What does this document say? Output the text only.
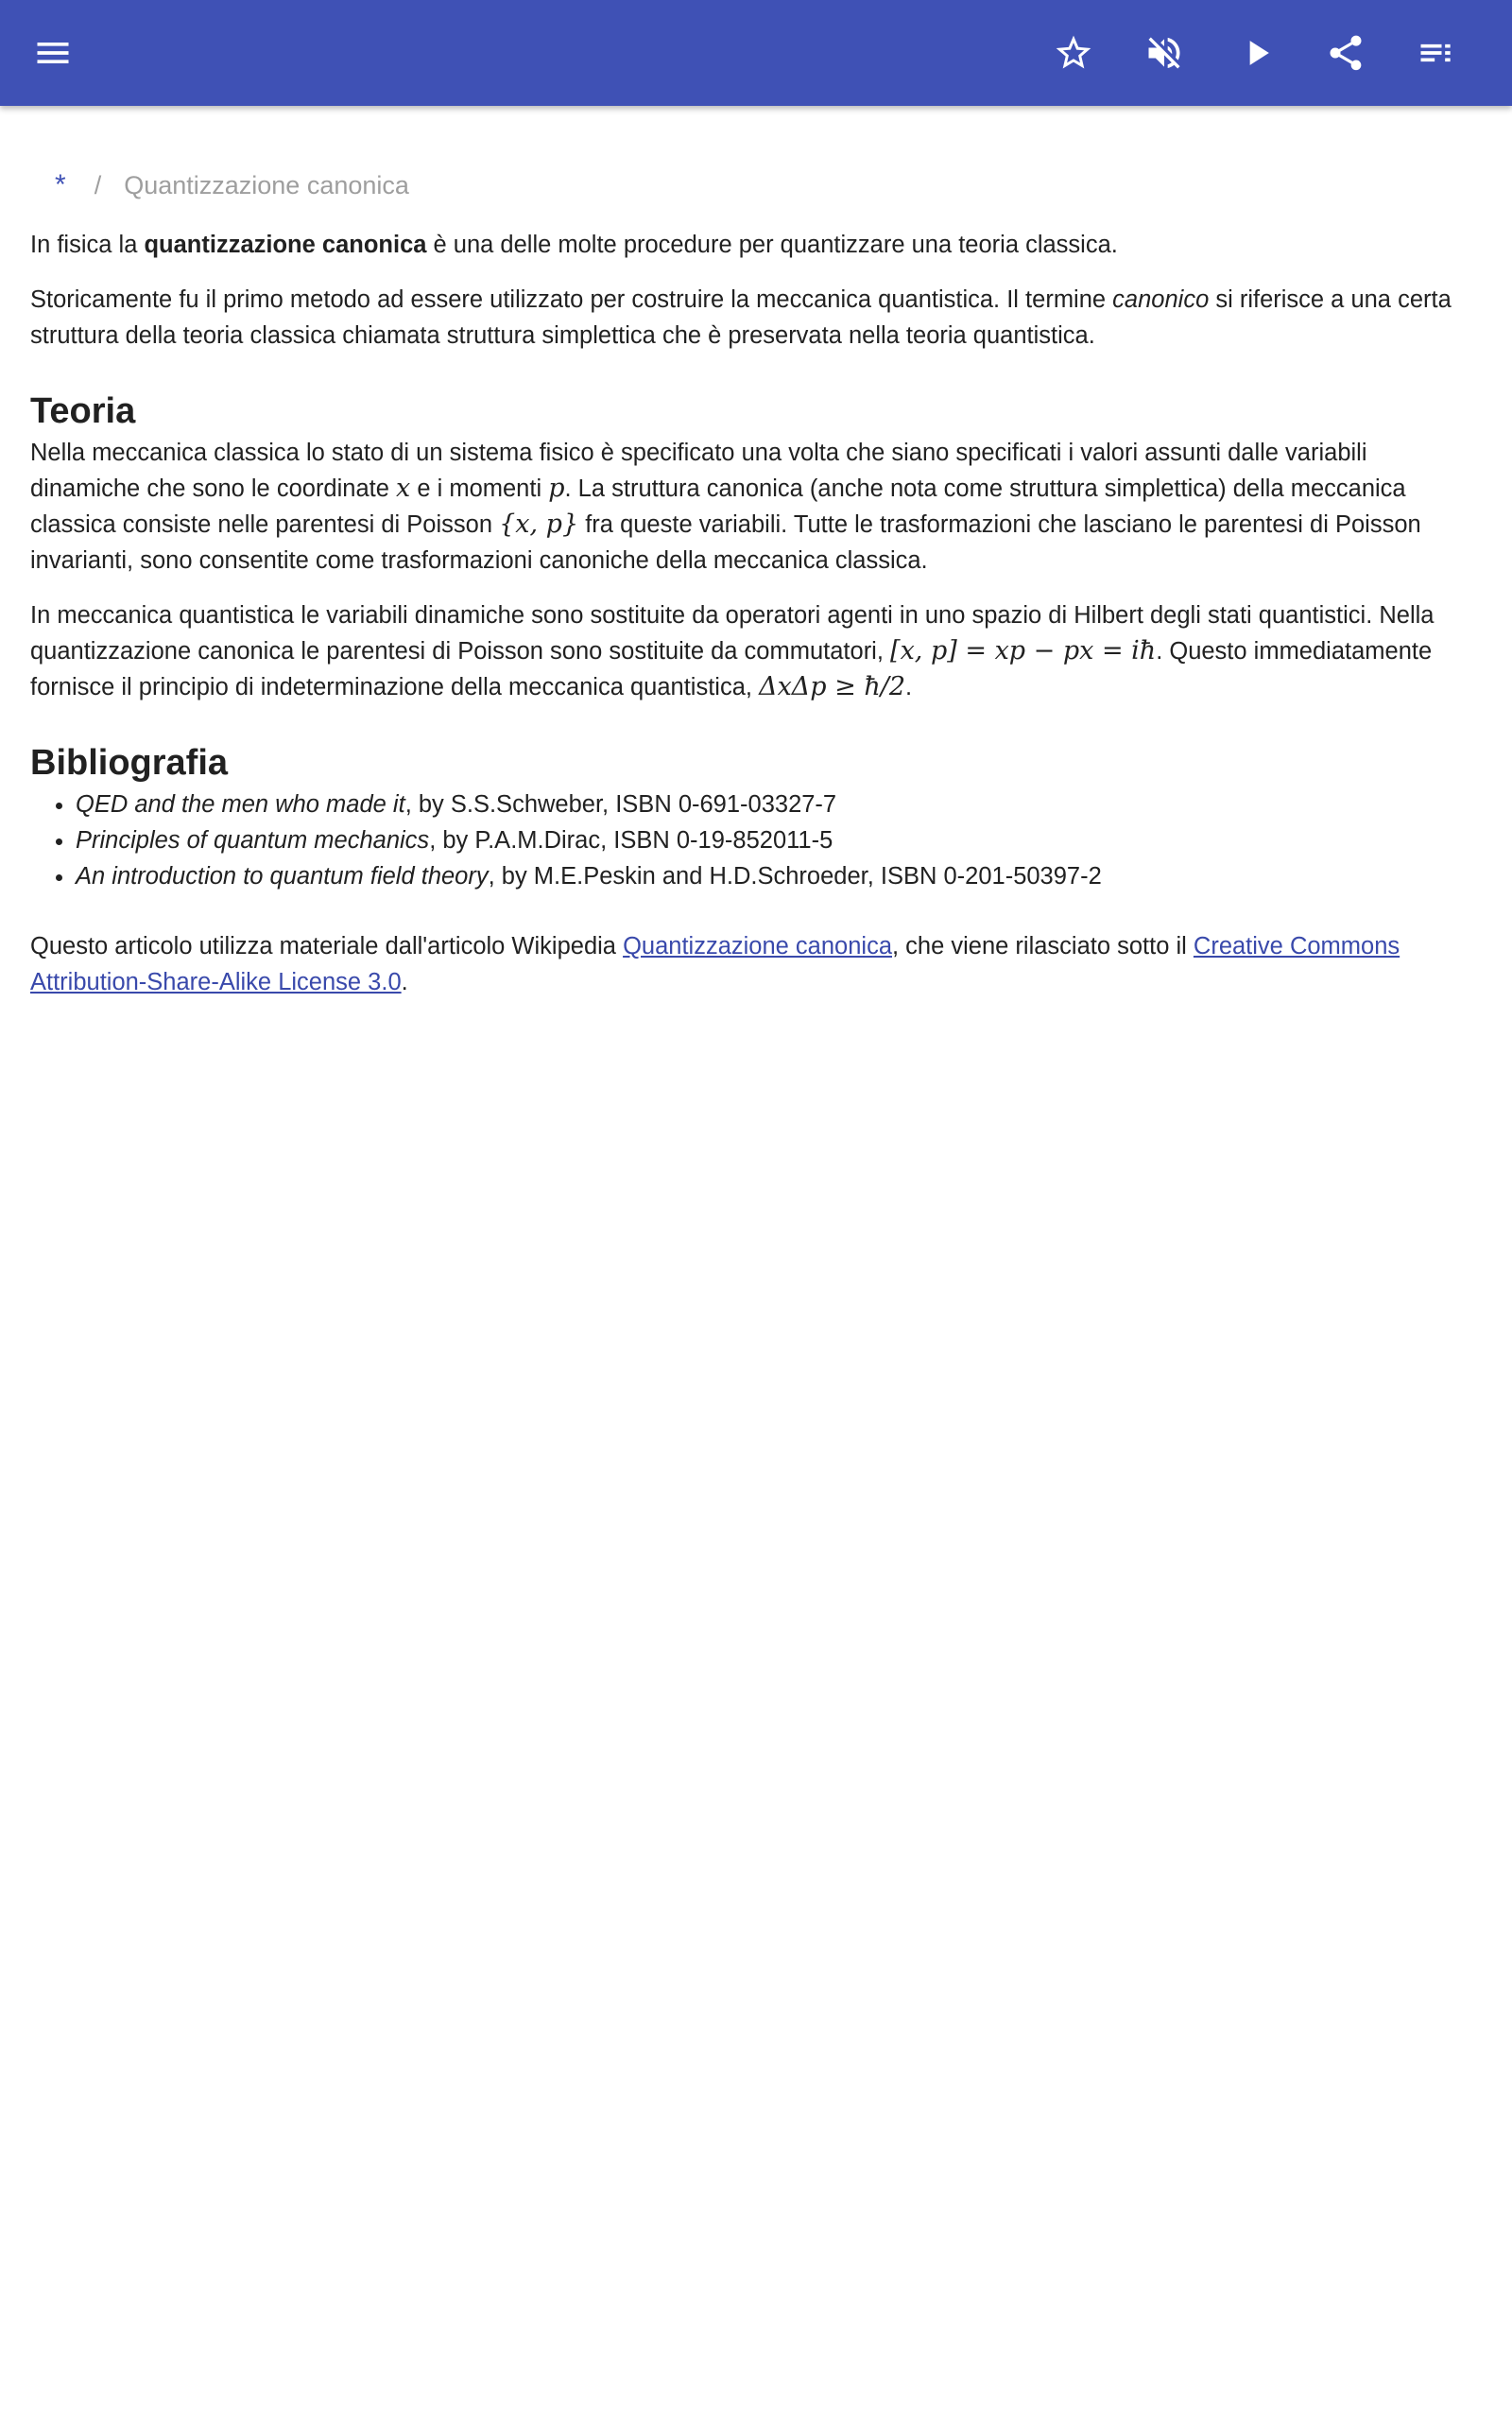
* / Quantizzazione canonica

In fisica la quantizzazione canonica è una delle molte procedure per quantizzare una teoria classica.

Storicamente fu il primo metodo ad essere utilizzato per costruire la meccanica quantistica. Il termine canonico si riferisce a una certa struttura della teoria classica chiamata struttura simplettica che è preservata nella teoria quantistica.

Teoria

Nella meccanica classica lo stato di un sistema fisico è specificato una volta che siano specificati i valori assunti dalle variabili dinamiche che sono le coordinate x e i momenti p. La struttura canonica (anche nota come struttura simplettica) della meccanica classica consiste nelle parentesi di Poisson {x, p} fra queste variabili. Tutte le trasformazioni che lasciano le parentesi di Poisson invarianti, sono consentite come trasformazioni canoniche della meccanica classica.

In meccanica quantistica le variabili dinamiche sono sostituite da operatori agenti in uno spazio di Hilbert degli stati quantistici. Nella quantizzazione canonica le parentesi di Poisson sono sostituite da commutatori, [x, p] = xp − px = iħ. Questo immediatamente fornisce il principio di indeterminazione della meccanica quantistica, ΔxΔp ≥ ħ/2.

Bibliografia
• QED and the men who made it, by S.S.Schweber, ISBN 0-691-03327-7
• Principles of quantum mechanics, by P.A.M.Dirac, ISBN 0-19-852011-5
• An introduction to quantum field theory, by M.E.Peskin and H.D.Schroeder, ISBN 0-201-50397-2

Questo articolo utilizza materiale dall'articolo Wikipedia Quantizzazione canonica, che viene rilasciato sotto il Creative Commons Attribution-Share-Alike License 3.0.
